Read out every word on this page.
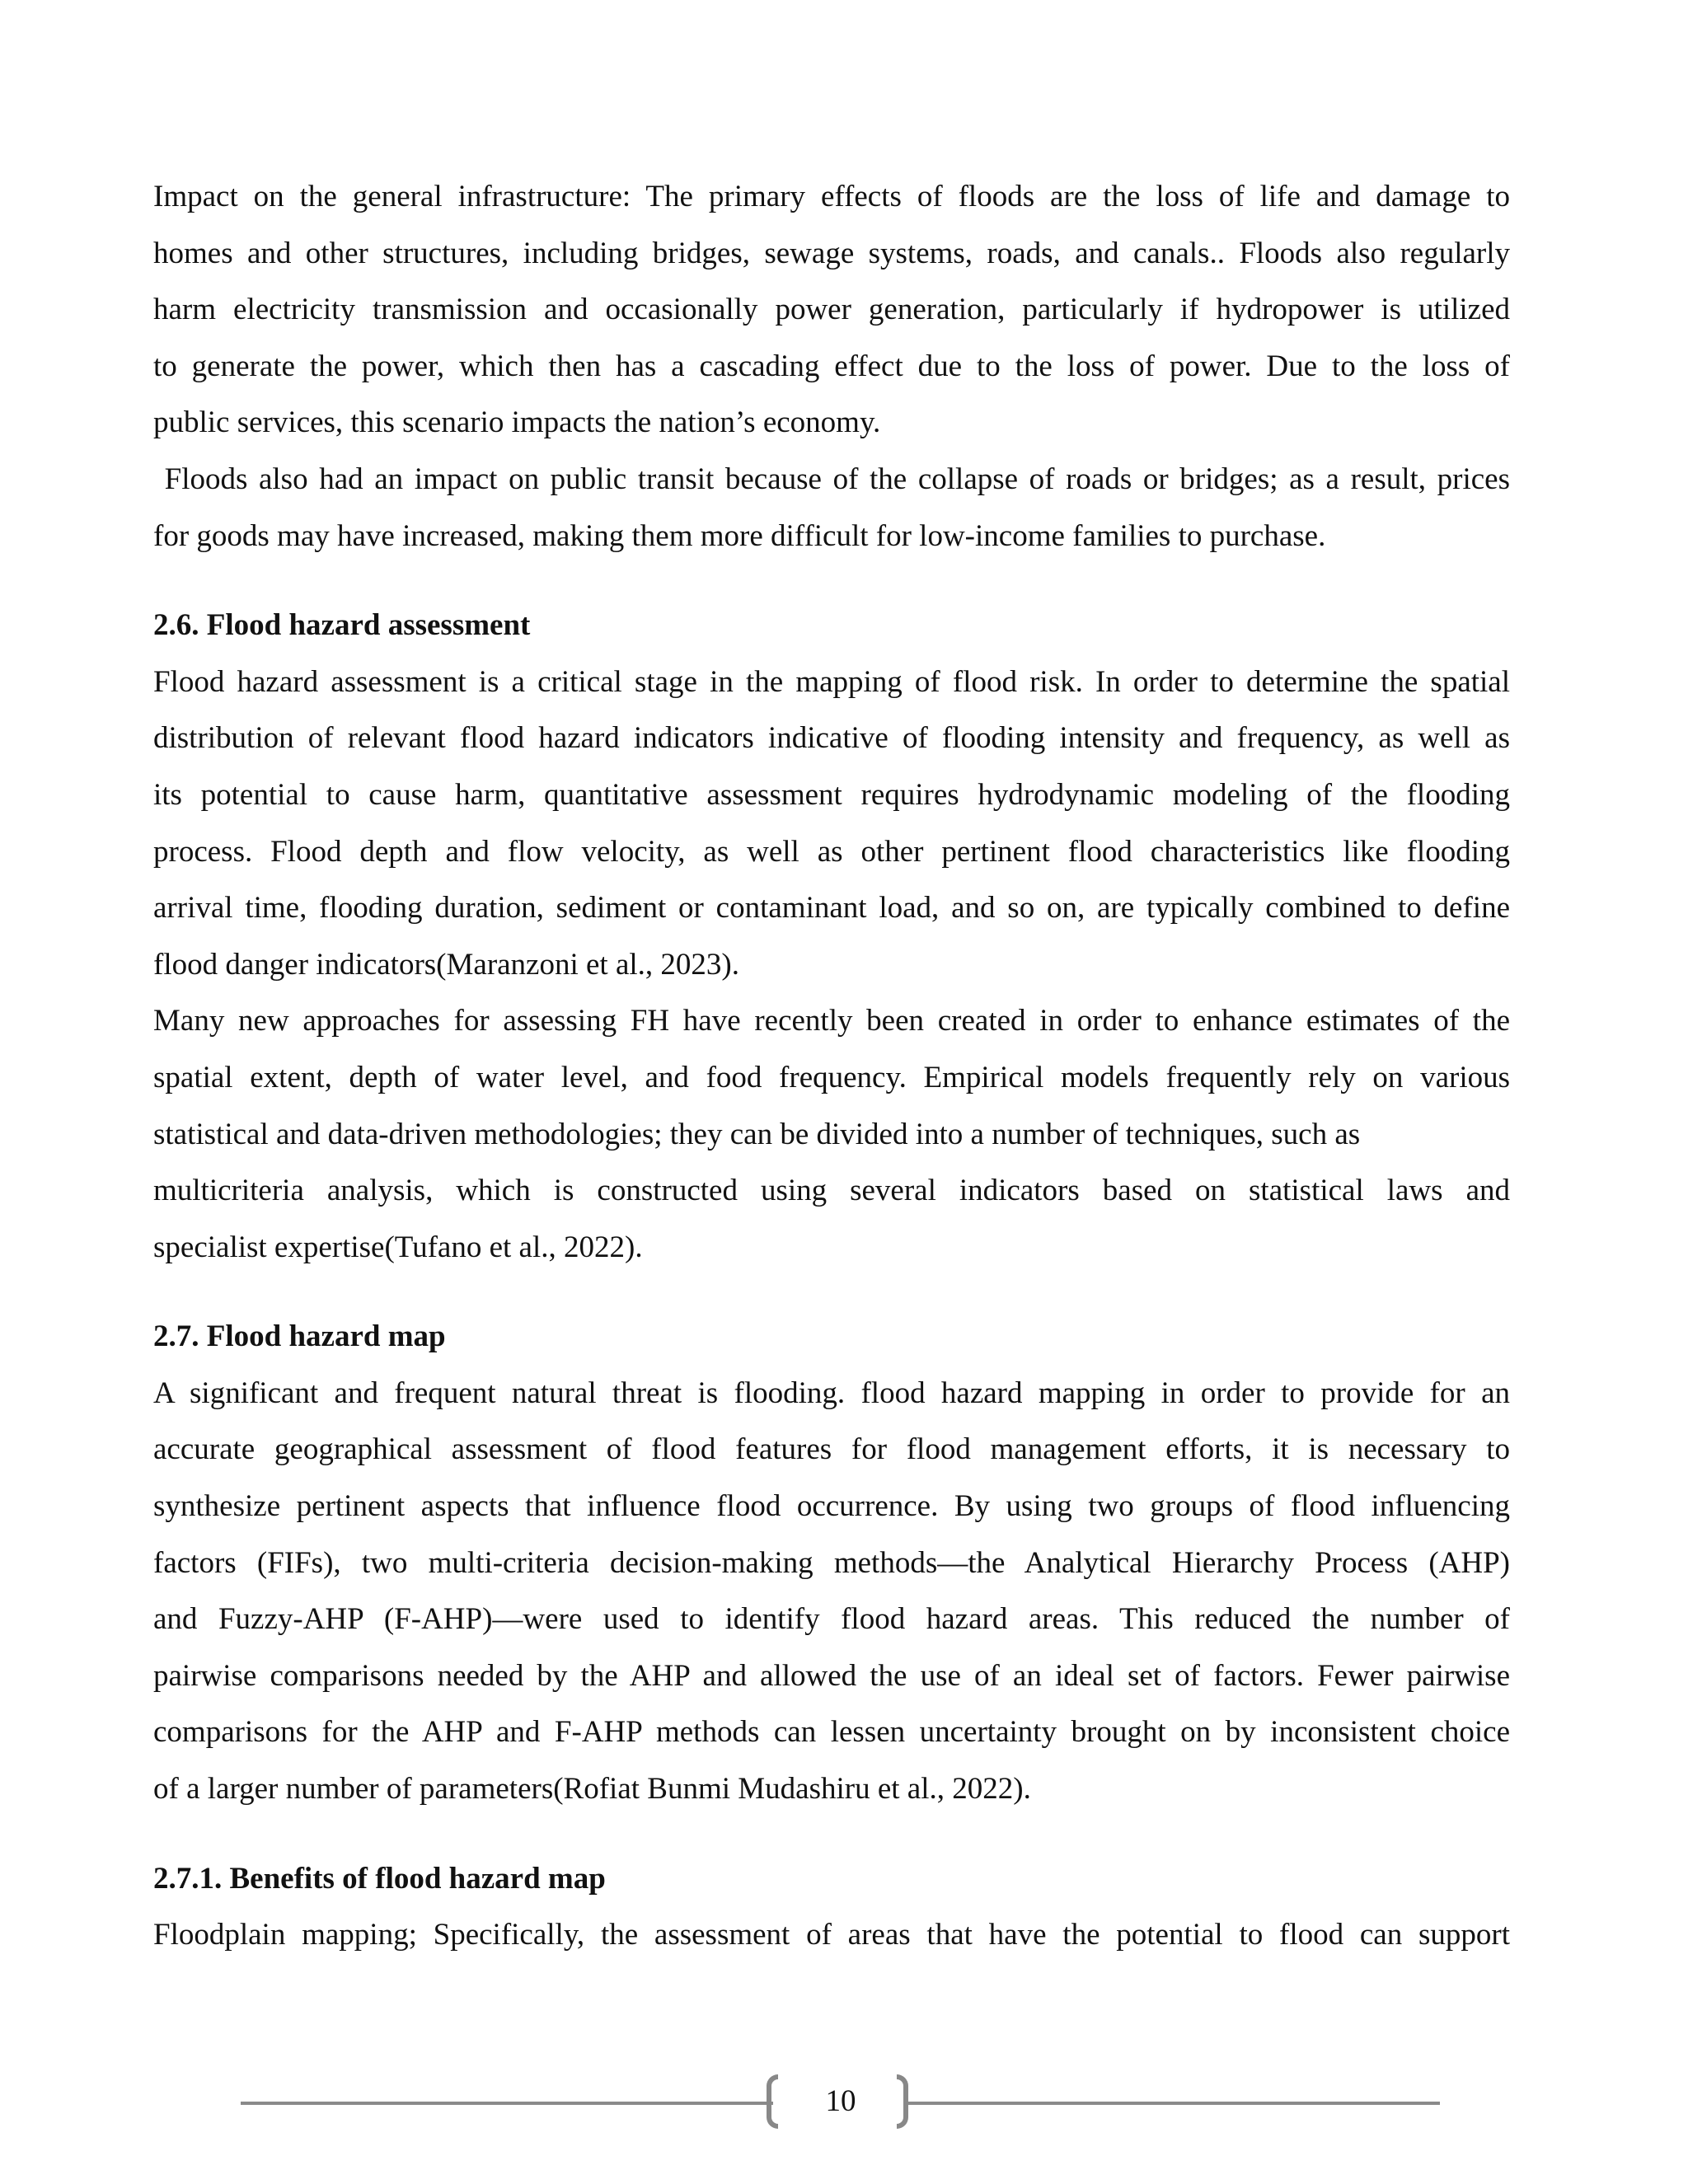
Impact on the general infrastructure: The primary effects of floods are the loss of life and damage to
homes and other structures, including bridges, sewage systems, roads, and canals.. Floods also regularly
harm electricity transmission and occasionally power generation, particularly if hydropower is utilized
to generate the power, which then has a cascading effect due to the loss of power. Due to the loss of
public services, this scenario impacts the nation’s economy.
Floods also had an impact on public transit because of the collapse of roads or bridges; as a result, prices
for goods may have increased, making them more difficult for low-income families to purchase.
2.6. Flood hazard assessment
Flood hazard assessment is a critical stage in the mapping of flood risk. In order to determine the spatial
distribution of relevant flood hazard indicators indicative of flooding intensity and frequency, as well as
its potential to cause harm, quantitative assessment requires hydrodynamic modeling of the flooding
process. Flood depth and flow velocity, as well as other pertinent flood characteristics like flooding
arrival time, flooding duration, sediment or contaminant load, and so on, are typically combined to define
flood danger indicators(Maranzoni et al., 2023).
Many new approaches for assessing FH have recently been created in order to enhance estimates of the
spatial extent, depth of water level, and food frequency. Empirical models frequently rely on various
statistical and data-driven methodologies; they can be divided into a number of techniques, such as
multicriteria analysis, which is constructed using several indicators based on statistical laws and
specialist expertise(Tufano et al., 2022).
2.7. Flood hazard map
A significant and frequent natural threat is flooding. flood hazard mapping in order to provide for an
accurate geographical assessment of flood features for flood management efforts, it is necessary to
synthesize pertinent aspects that influence flood occurrence. By using two groups of flood influencing
factors (FIFs), two multi-criteria decision-making methods—the Analytical Hierarchy Process (AHP)
and Fuzzy-AHP (F-AHP)—were used to identify flood hazard areas. This reduced the number of
pairwise comparisons needed by the AHP and allowed the use of an ideal set of factors. Fewer pairwise
comparisons for the AHP and F-AHP methods can lessen uncertainty brought on by inconsistent choice
of a larger number of parameters(Rofiat Bunmi Mudashiru et al., 2022).
2.7.1. Benefits of flood hazard map
Floodplain mapping; Specifically, the assessment of areas that have the potential to flood can support
10
